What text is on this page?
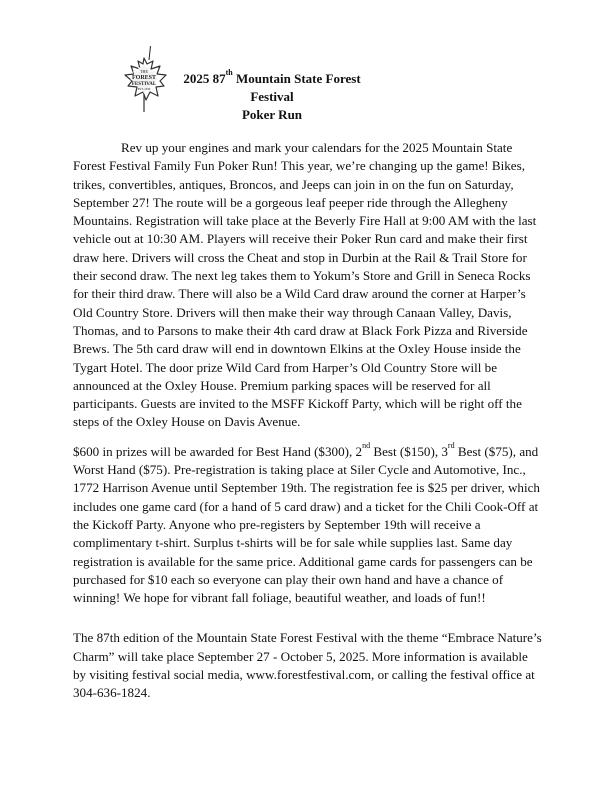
THE
FOREST
FESTIVAL
EST. 1930
2025 87th Mountain State Forest Festival
Poker Run

Rev up your engines and mark your calendars for the 2025 Mountain State Forest Festival Family Fun Poker Run! This year, we’re changing up the game! Bikes, trikes, convertibles, antiques, Broncos, and Jeeps can join in on the fun on Saturday, September 27! The route will be a gorgeous leaf peeper ride through the Allegheny Mountains. Registration will take place at the Beverly Fire Hall at 9:00 AM with the last vehicle out at 10:30 AM. Players will receive their Poker Run card and make their first draw here. Drivers will cross the Cheat and stop in Durbin at the Rail & Trail Store for their second draw. The next leg takes them to Yokum’s Store and Grill in Seneca Rocks for their third draw. There will also be a Wild Card draw around the corner at Harper’s Old Country Store. Drivers will then make their way through Canaan Valley, Davis, Thomas, and to Parsons to make their 4th card draw at Black Fork Pizza and Riverside Brews. The 5th card draw will end in downtown Elkins at the Oxley House inside the Tygart Hotel. The door prize Wild Card from Harper’s Old Country Store will be announced at the Oxley House. Premium parking spaces will be reserved for all participants. Guests are invited to the MSFF Kickoff Party, which will be right off the steps of the Oxley House on Davis Avenue.

$600 in prizes will be awarded for Best Hand ($300), 2nd Best ($150), 3rd Best ($75), and Worst Hand ($75). Pre-registration is taking place at Siler Cycle and Automotive, Inc., 1772 Harrison Avenue until September 19th. The registration fee is $25 per driver, which includes one game card (for a hand of 5 card draw) and a ticket for the Chili Cook-Off at the Kickoff Party. Anyone who pre-registers by September 19th will receive a complimentary t-shirt. Surplus t-shirts will be for sale while supplies last. Same day registration is available for the same price. Additional game cards for passengers can be purchased for $10 each so everyone can play their own hand and have a chance of winning! We hope for vibrant fall foliage, beautiful weather, and loads of fun!!

The 87th edition of the Mountain State Forest Festival with the theme “Embrace Nature’s Charm” will take place September 27 - October 5, 2025. More information is available by visiting festival social media, www.forestfestival.com, or calling the festival office at 304-636-1824.
